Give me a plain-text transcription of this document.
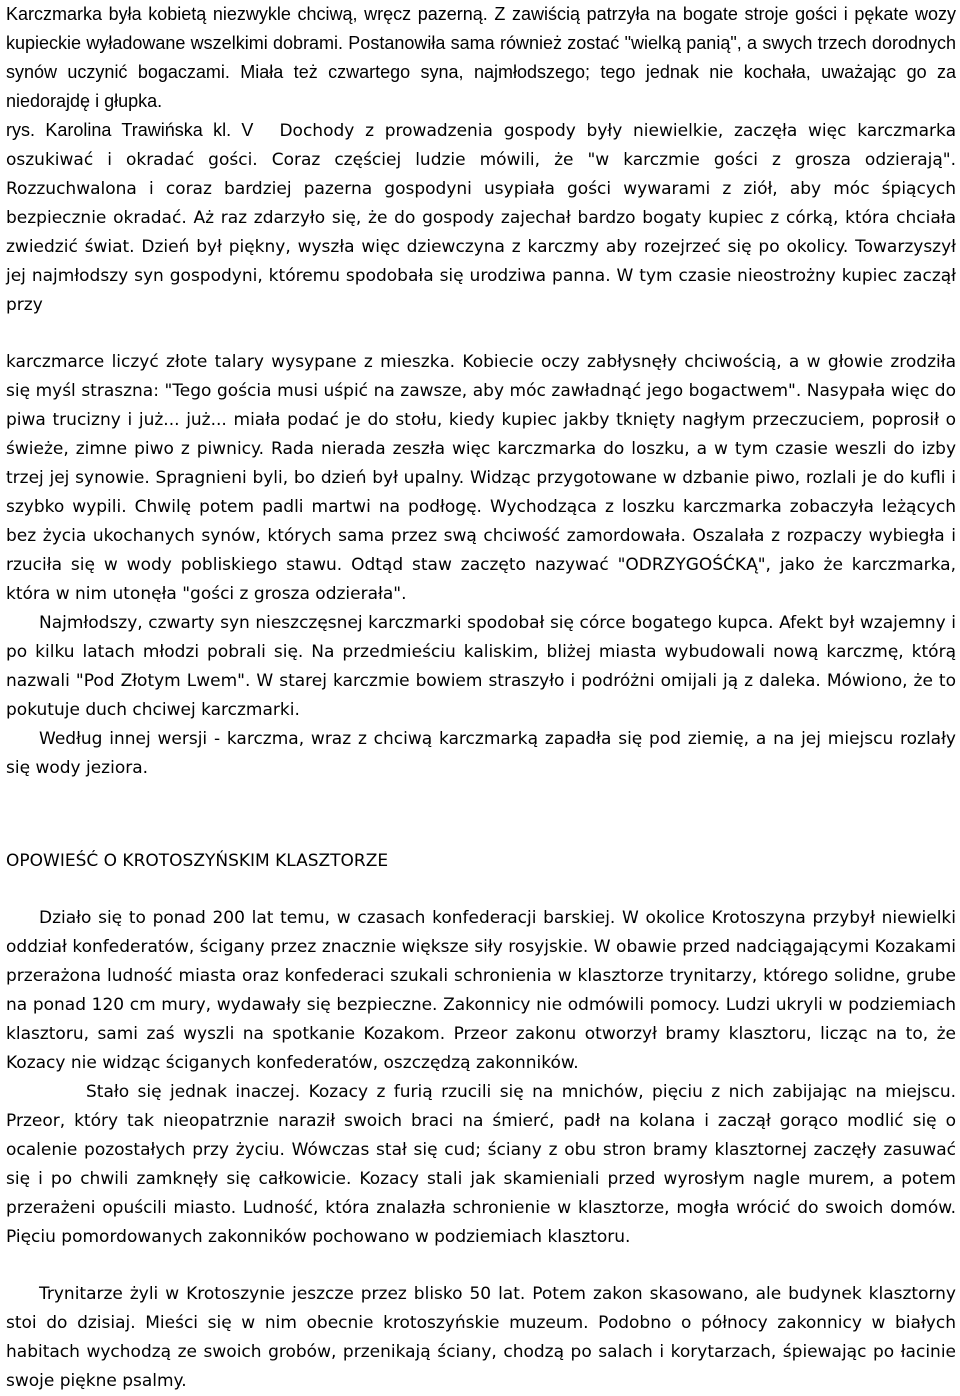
Karczmarka była kobietą niezwykle chciwą, wręcz pazerną. Z zawiścią patrzyła na bogate stroje gości i pękate wozy kupieckie wyładowane wszelkimi dobrami. Postanowiła sama również zostać "wielką panią", a swych trzech dorodnych synów uczynić bogaczami. Miała też czwartego syna, najmłodszego; tego jednak nie kochała, uważając go za niedorajdę i głupka.

rys. Karolina Trawińska kl. V Dochody z prowadzenia gospody były niewielkie, zaczęła więc karczmarka oszukiwać i okradać gości. Coraz częściej ludzie mówili, że "w karczmie gości z grosza odzierają". Rozzuchwalona i coraz bardziej pazerna gospodyni usypiała gości wywarami z ziół, aby móc śpiących bezpiecznie okradać. Aż raz zdarzyło się, że do gospody zajechał bardzo bogaty kupiec z córką, która chciała zwiedzić świat. Dzień był piękny, wyszła więc dziewczyna z karczmy aby rozejrzeć się po okolicy. Towarzyszył jej najmłodszy syn gospodyni, któremu spodobała się urodziwa panna. W tym czasie nieostrożny kupiec zaczął przy

karczmarce liczyć złote talary wysypane z mieszka. Kobiecie oczy zabłysnęły chciwością, a w głowie zrodziła się myśl straszna: "Tego gościa musi uśpić na zawsze, aby móc zawładnąć jego bogactwem". Nasypała więc do piwa trucizny i już... już... miała podać je do stołu, kiedy kupiec jakby tknięty nagłym przeczuciem, poprosił o świeże, zimne piwo z piwnicy. Rada nierada zeszła więc karczmarka do loszku, a w tym czasie weszli do izby trzej jej synowie. Spragnieni byli, bo dzień był upalny. Widząc przygotowane w dzbanie piwo, rozlali je do kufli i szybko wypili. Chwilę potem padli martwi na podłogę. Wychodząca z loszku karczmarka zobaczyła leżących bez życia ukochanych synów, których sama przez swą chciwość zamordowała. Oszalała z rozpaczy wybiegła i rzuciła się w wody pobliskiego stawu. Odtąd staw zaczęto nazywać "ODRZYGOŚĆKĄ", jako że karczmarka, która w nim utonęła "gości z grosza odzierała".

Najmłodszy, czwarty syn nieszczęsnej karczmarki spodobał się córce bogatego kupca. Afekt był wzajemny i po kilku latach młodzi pobrali się. Na przedmieściu kaliskim, bliżej miasta wybudowali nową karczmę, którą nazwali "Pod Złotym Lwem". W starej karczmie bowiem straszyło i podróżni omijali ją z daleka. Mówiono, że to pokutuje duch chciwej karczmarki.

Według innej wersji - karczma, wraz z chciwą karczmarką zapadła się pod ziemię, a na jej miejscu rozlały się wody jeziora.

OPOWIEŚĆ O KROTOSZYŃSKIM KLASZTORZE

Działo się to ponad 200 lat temu, w czasach konfederacji barskiej. W okolice Krotoszyna przybył niewielki oddział konfederatów, ścigany przez znacznie większe siły rosyjskie. W obawie przed nadciągającymi Kozakami przerażona ludność miasta oraz konfederaci szukali schronienia w klasztorze trynitarzy, którego solidne, grube na ponad 120 cm mury, wydawały się bezpieczne. Zakonnicy nie odmówili pomocy. Ludzi ukryli w podziemiach klasztoru, sami zaś wyszli na spotkanie Kozakom. Przeor zakonu otworzył bramy klasztoru, licząc na to, że Kozacy nie widząc ściganych konfederatów, oszczędzą zakonników.

Stało się jednak inaczej. Kozacy z furią rzucili się na mnichów, pięciu z nich zabijając na miejscu. Przeor, który tak nieopatrznie naraził swoich braci na śmierć, padł na kolana i zaczął gorąco modlić się o ocalenie pozostałych przy życiu. Wówczas stał się cud; ściany z obu stron bramy klasztornej zaczęły zasuwać się i po chwili zamknęły się całkowicie. Kozacy stali jak skamieniali przed wyrosłym nagle murem, a potem przerażeni opuścili miasto. Ludność, która znalazła schronienie w klasztorze, mogła wrócić do swoich domów. Pięciu pomordowanych zakonników pochowano w podziemiach klasztoru.

Trynitarze żyli w Krotoszynie jeszcze przez blisko 50 lat. Potem zakon skasowano, ale budynek klasztorny stoi do dzisiaj. Mieści się w nim obecnie krotoszyńskie muzeum. Podobno o północy zakonnicy w białych habitach wychodzą ze swoich grobów, przenikają ściany, chodzą po salach i korytarzach, śpiewając po łacinie swoje piękne psalmy.
